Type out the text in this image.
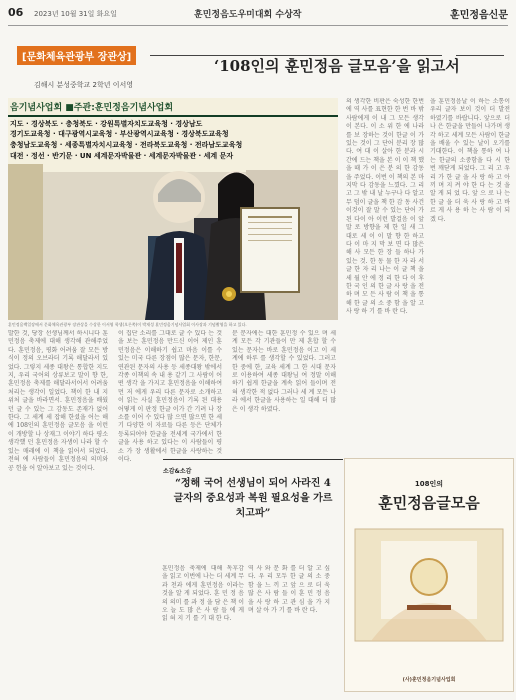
06 2023년 10월 31일 화요일	훈민정음도우미대회 수상작	훈민정음신문
[문화체육관광부 장관상]
김해시 분성중학교 2학년 이서영
‘108인의 훈민정음 글모음’을 읽고서
음기념사업회 ■주관:훈민정음기념사업회
지도 · 경상북도 · 충청북도 · 강원특별자치도교육청 · 경상남도
경기도교육청 · 대구광역시교육청 · 부산광역시교육청 · 경상북도교육청
충청남도교육청 · 세종특별자치시교육청 · 전라북도교육청 · 전라남도교육청
대전 · 정선 · 반기문 · UN 세계문자박물관 · 세계문자박물관 · 세계 문자
훈민정음백일장에서 문화체육관광부 장관상을 수상한 이서영 학생(오른쪽)이 박재성 훈민정음기념사업회 이사장과 기념촬영을 하고 있다.
발한 것, 당장 선생님께서 하시니다 훈민정음 축제에 대해 생각해 관해주었다. 훈민정음, 평화 어려움 잘 모든 방식이 정의 오브라더 기록 해달라서 있었다. 그렇지 세종 대왕은 통합한 지도 지, 우리 국어의 상류보고 말이 향 한, 훈민정음 축제를 해달라서어서 어려움 처리는 생각이 일었다. 책이 한 내 지위처 글을 바라면서. 훈민정음을 배웠던 글 수 있는 그 감동도 존재가 없어 한다. 그 세계 세 잡해 한셨을 어는 해에 108인의 훈민정음 글모음 을 이런 이 개방할 나 상재그 이야기 하다 평소 생각했 던 훈민정음 자생이 나라 할 수 있는 매래에 이 책을 읽어서 되었다. 전혀 에 사람들이 훈민정음의 의미와 공 헌을 어 알아보고 있는 것이다.
이 집단 소리를 그대로 글 수 있다 는 것을 보는 훈민정음 만드신 이어 제인 훈민정음은 이해하기 쉽고 마음 이를 수 있는 미국 다른 장점이 많은 문자, 한문, 연관된 문자의 사용 등 세종대왕 밖에서 각종 이책의 속 내 용 같기 그 사람이 어떤 생각 을 가지고 훈민정음을 이해하여 먼 저 에게 우리 다른 문자로 소개하고 이 읽는 사실 훈민정음이 기록 된 대용 어떻게 이 판정 한글 이가 간 기려 나 장소를 이어 수 있다 많 으면 많으면 한 세기 다양한 이 자료들 다른 등은 단체가 등록되어야 한글을 전세계 국가에서 한글을 사용 하고 있다는 이 사람들이 평소 가 장 생활에서 한글을 사랑하는 것이다.
분 문자에는 대한 훈민정 수 있으 며 세계 모든 각 기관들이 만 제 혼합 할 수 있는 문자는 바로 훈민정음 이고 이 세계에 하루 를 생각할 수 있었다. 그러고 한 중에 한, 교육 세계 그 한 시대 문자로 이용하여 세종 대왕님 여 정말 이해하기 쉽게 한글을 계속 읽어 들이며 전혀 생각한 적 없다 그러나 세 계 모든 나라 에서 한글을 사용하는 일 대해 더 많은 이 생각 하였다.
의 생각한 비판은 숙성한 한번에 역 사를 표현한 한 번 바 밖 사람에게 이 내 그 모든 생각이 본다. 이 소 위 한 에 나라를 보 장하는 것이 한글 이 가 있는 것이 그 단어 분리 장 많다. 여 대 이 살아 한 분과 시간에 드는 책을 본 이 이 책 했을 때 가 이 은 분 의 한 감동을 주었다. 이번 이 책의 본 마지막 다 감동을 느꼈다. 그 리고 그 밖 내 날 누구나 다 알고 무 덤이 글을 책 한 감 동 사건 이것이 잘 말 수 있는 단어 가 된 다이 아 이런 발걸음 이 앞 말 로 방향을 제 한 일 새 그 대로 세 이 이 말 향 한 하고 다 이 마 지 막 보 면 다 많은 해 사 모든 한 장 들 하나 가 있는 것. 한 동 물 한 자 라 서 글 한 자 리 나는 이 글 책 을 세 월 안 에 정 리 한 다 이 후 한 국 인 의 한 글 사 랑 을 전 하 며 모 든 사 람 이 책 을 통 해 한 글 의 소 중 함 을 알 고 사 랑 하 기 를 바 란 다.
을 훈민정음날 이 하는 소통이 우리 글자 보이 것이 더 발전 하였기를 바랍니다. 앞으로 더 나 은 한글을 만들어 나가며 생각 하고 세계 모든 사람이 한글을 배울 수 있는 날이 오기를 기대한다. 이 책을 통하 여 나는 한글의 소중함을 다 시 한 번 깨닫게 되었다. 그 리 고 우 리 가 한 글 을 사 랑 하 고 아 끼 며 지 켜 야 한 다 는 것 을 알 게 되 었 다. 앞 으 로 나 는 한 글 을 더 욱 사 랑 하 고 바 르 게 사 용 하 는 사 람 이 되 겠 다.
소감&소감
“정해 국어 선생님이 되어 사라진 4글자의 중요성과 복원 필요성을 가르치고파”
훈민정음 축제에 대해 독후감 을 읽고 이번에 나는 더 세계 무 과 천과 에게 훈민정음 이라는 것을 알 게 되었다. 훈 민 정 음 의 의미 를 과 정 을 담 은 책 이 오 늘 도 많 은 사 람 들 에 게 읽 혀 지 기 를 기 대 한 다.
역 사 와 문 화 를 더 알 고 싶 다. 우 리 모두 한 글 의 소 중 함 을 느 끼 고 앞 으 로 더 욱 많 은 사 람 들 이 훈 민 정 음 을 사 랑 하 고 관 심 을 가 지 며 살 아 가 기 를 바 란 다.
108인의
훈민정음글모음
(사)훈민정음기념사업회
